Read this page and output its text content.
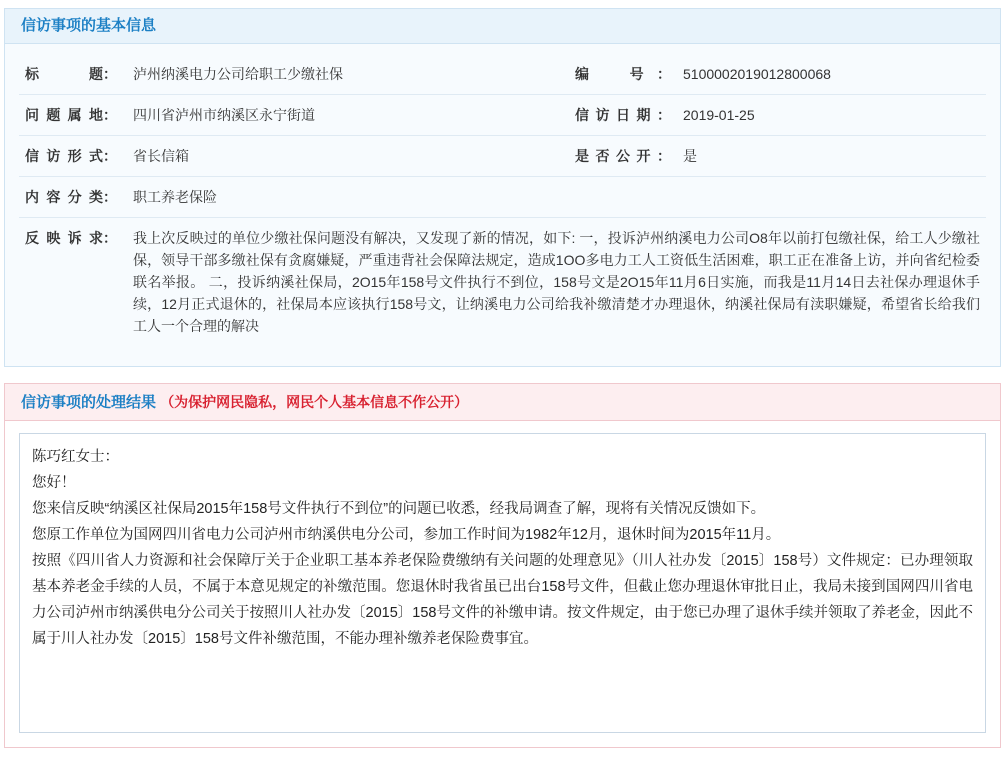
信访事项的基本信息
标题：	泸州纳溪电力公司给职工少缴社保	编　号：	5100002019012800068
问题属地：	四川省泸州市纳溪区永宁街道	信访日期：	2019-01-25
信访形式：	省长信箱	是否公开：	是
内容分类：	职工养老保险		
反映诉求：	我上次反映过的单位少缴社保问题没有解决，又发现了新的情况，如下: 一，投诉泸州纳溪电力公司O8年以前打包缴社保，给工人少缴社保，领导干部多缴社保有贪腐嫌疑，严重违背社会保障法规定，造成1OO多电力工人工资低生活困难，职工正在准备上访，并向省纪检委联名举报。 二，投诉纳溪社保局，2O15年158号文件执行不到位，158号文是2O15年11月6日实施，而我是11月14日去社保办理退休手续，12月正式退休的，社保局本应该执行158号文，让纳溪电力公司给我补缴清楚才办理退休，纳溪社保局有渎职嫌疑，希望省长给我们工人一个合理的解决		
信访事项的处理结果 （为保护网民隐私，网民个人基本信息不作公开）

陈巧红女士：

您好！

您来信反映“纳溪区社保局2015年158号文件执行不到位”的问题已收悉，经我局调查了解，现将有关情况反馈如下。

您原工作单位为国网四川省电力公司泸州市纳溪供电分公司，参加工作时间为1982年12月，退休时间为2015年11月。

按照《四川省人力资源和社会保障厅关于企业职工基本养老保险费缴纳有关问题的处理意见》（川人社办发〔2015〕158号）文件规定：已办理领取基本养老金手续的人员，不属于本意见规定的补缴范围。您退休时我省虽已出台158号文件，但截止您办理退休审批日止，我局未接到国网四川省电力公司泸州市纳溪供电分公司关于按照川人社办发〔2015〕158号文件的补缴申请。按文件规定，由于您已办理了退休手续并领取了养老金，因此不属于川人社办发〔2015〕158号文件补缴范围，不能办理补缴养老保险费事宜。
